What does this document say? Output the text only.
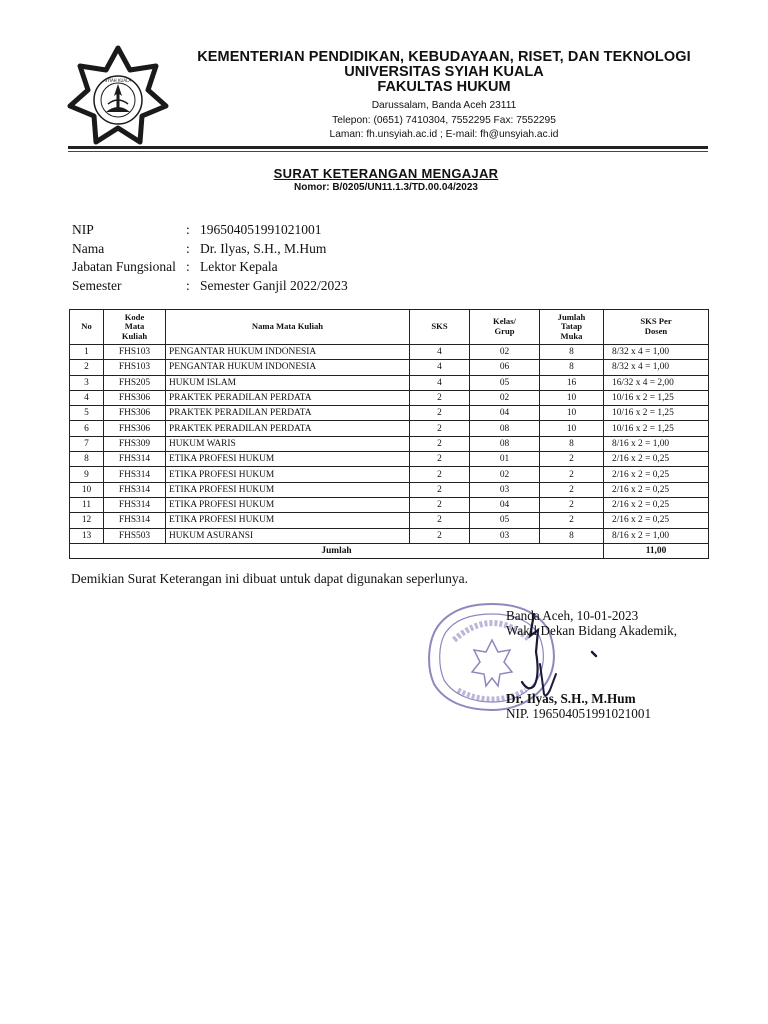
SYIAH KUALA
KEMENTERIAN PENDIDIKAN, KEBUDAYAAN, RISET, DAN TEKNOLOGI
UNIVERSITAS SYIAH KUALA
FAKULTAS HUKUM
Darussalam, Banda Aceh 23111
Telepon: (0651) 7410304, 7552295 Fax: 7552295
Laman: fh.unsyiah.ac.id ; E-mail: fh@unsyiah.ac.id
SURAT KETERANGAN MENGAJAR
Nomor: B/0205/UN11.1.3/TD.00.04/2023
NIP	: 196504051991021001
Nama	: Dr. Ilyas, S.H., M.Hum
Jabatan Fungsional : Lektor Kepala
Semester	: Semester Ganjil 2022/2023
No	Kode Mata Kuliah	Nama Mata Kuliah	SKS	Kelas/ Grup	Jumlah Tatap Muka	SKS Per Dosen
1	FHS103	PENGANTAR HUKUM INDONESIA	4	02	8	8/32 x 4 = 1,00
2	FHS103	PENGANTAR HUKUM INDONESIA	4	06	8	8/32 x 4 = 1,00
3	FHS205	HUKUM ISLAM	4	05	16	16/32 x 4 = 2,00
4	FHS306	PRAKTEK PERADILAN PERDATA	2	02	10	10/16 x 2 = 1,25
5	FHS306	PRAKTEK PERADILAN PERDATA	2	04	10	10/16 x 2 = 1,25
6	FHS306	PRAKTEK PERADILAN PERDATA	2	08	10	10/16 x 2 = 1,25
7	FHS309	HUKUM WARIS	2	08	8	8/16 x 2 = 1,00
8	FHS314	ETIKA PROFESI HUKUM	2	01	2	2/16 x 2 = 0,25
9	FHS314	ETIKA PROFESI HUKUM	2	02	2	2/16 x 2 = 0,25
10	FHS314	ETIKA PROFESI HUKUM	2	03	2	2/16 x 2 = 0,25
11	FHS314	ETIKA PROFESI HUKUM	2	04	2	2/16 x 2 = 0,25
12	FHS314	ETIKA PROFESI HUKUM	2	05	2	2/16 x 2 = 0,25
13	FHS503	HUKUM ASURANSI	2	03	8	8/16 x 2 = 1,00
Jumlah						11,00
Demikian Surat Keterangan ini dibuat untuk dapat digunakan seperlunya.
Banda Aceh, 10-01-2023
Wakil Dekan Bidang Akademik,
Dr. Ilyas, S.H., M.Hum
NIP. 196504051991021001
